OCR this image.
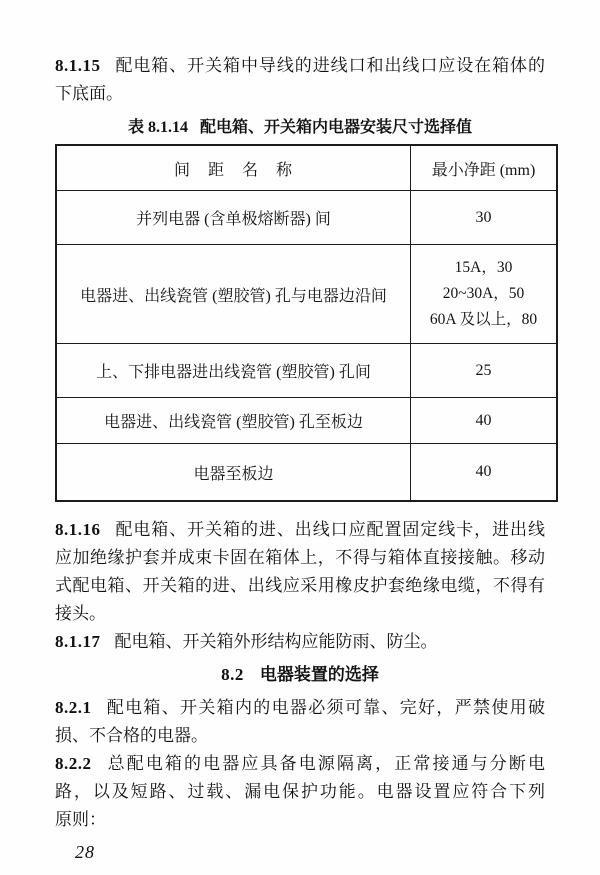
8.1.15 配电箱、开关箱中导线的进线口和出线口应设在箱体的
下底面。
表 8.1.14 配电箱、开关箱内电器安装尺寸选择值
间　距　名　称	最小净距 (mm)
并列电器 (含单极熔断器) 间	30
电器进、出线瓷管 (塑胶管) 孔与电器边沿间	15A，30
20~30A，50
60A 及以上，80

上、下排电器进出线瓷管 (塑胶管) 孔间	25
电器进、出线瓷管 (塑胶管) 孔至板边	40
电器至板边	40
8.1.16 配电箱、开关箱的进、出线口应配置固定线卡，进出线
应加绝缘护套并成束卡固在箱体上，不得与箱体直接接触。移动
式配电箱、开关箱的进、出线应采用橡皮护套绝缘电缆，不得有
接头。
8.1.17 配电箱、开关箱外形结构应能防雨、防尘。
8.2 电器装置的选择
8.2.1 配电箱、开关箱内的电器必须可靠、完好，严禁使用破
损、不合格的电器。
8.2.2 总配电箱的电器应具备电源隔离，正常接通与分断电
路，以及短路、过载、漏电保护功能。电器设置应符合下列
原则：
28
